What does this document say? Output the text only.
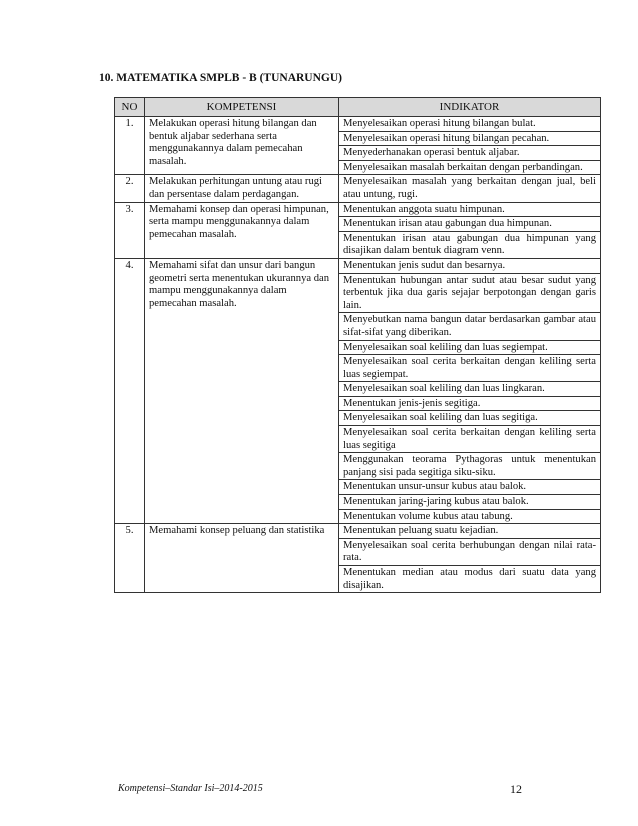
10. MATEMATIKA SMPLB - B (TUNARUNGU)
NO	KOMPETENSI	INDIKATOR
1.	Melakukan operasi hitung bilangan dan bentuk aljabar sederhana serta menggunakannya dalam pemecahan masalah.	Menyelesaikan operasi hitung bilangan bulat.
		Menyelesaikan operasi hitung bilangan pecahan.
		Menyederhanakan operasi bentuk aljabar.
		Menyelesaikan masalah berkaitan dengan perbandingan.
2.	Melakukan perhitungan untung atau rugi dan persentase dalam perdagangan.	Menyelesaikan masalah yang berkaitan dengan jual, beli atau untung, rugi.
3.	Memahami konsep dan operasi himpunan, serta mampu menggunakannya dalam pemecahan masalah.	Menentukan anggota suatu himpunan.
		Menentukan irisan atau gabungan dua himpunan.
		Menentukan irisan atau gabungan dua himpunan yang disajikan dalam bentuk diagram venn.
4.	Memahami sifat dan unsur dari bangun geometri serta menentukan ukurannya dan mampu menggunakannya dalam pemecahan masalah.	Menentukan jenis sudut dan besarnya.
		Menentukan hubungan antar sudut atau besar sudut yang terbentuk jika dua garis sejajar berpotongan dengan garis lain.
		Menyebutkan nama bangun datar berdasarkan gambar atau sifat-sifat yang diberikan.
		Menyelesaikan soal keliling dan luas segiempat.
		Menyelesaikan soal cerita berkaitan dengan keliling serta luas segiempat.
		Menyelesaikan soal keliling dan luas lingkaran.
		Menentukan jenis-jenis segitiga.
		Menyelesaikan soal keliling dan luas segitiga.
		Menyelesaikan soal cerita berkaitan dengan keliling serta luas segitiga
		Menggunakan teorama Pythagoras untuk menentukan panjang sisi pada segitiga siku-siku.
		Menentukan unsur-unsur kubus atau balok.
		Menentukan jaring-jaring kubus atau balok.
		Menentukan volume kubus atau tabung.
5.	Memahami konsep peluang dan statistika	Menentukan peluang suatu kejadian.
		Menyelesaikan soal cerita berhubungan dengan nilai rata-rata.
		Menentukan median atau modus dari suatu data yang disajikan.
Kompetensi–Standar Isi–2014-2015	12
